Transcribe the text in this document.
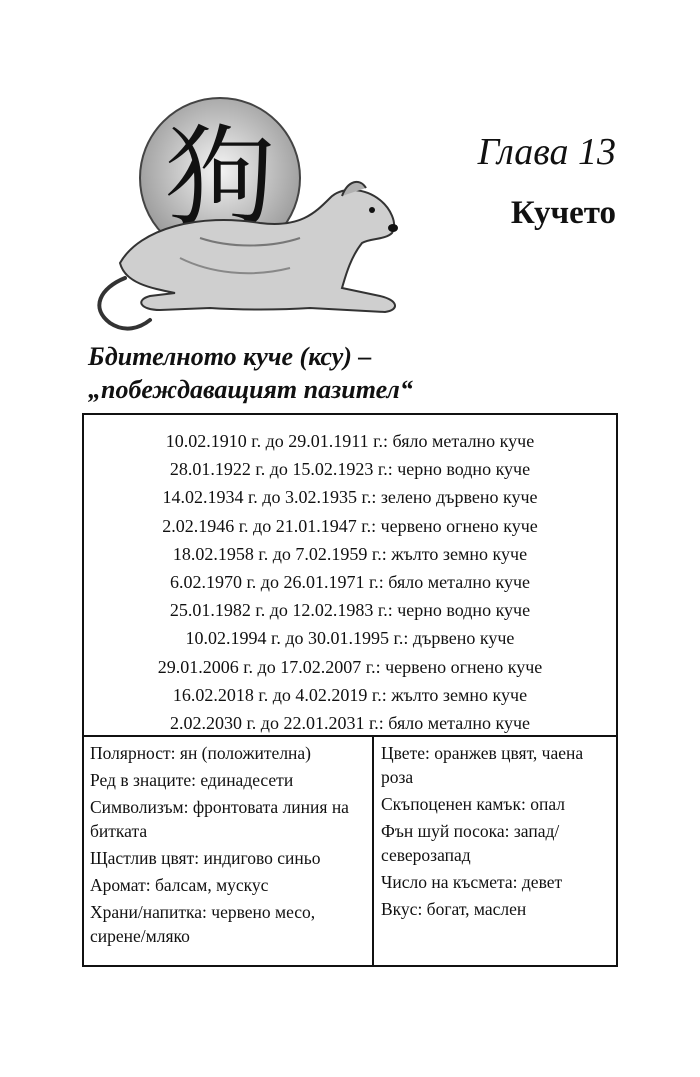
狗	Глава 13
Кучето
Бдителното куче (ксу) –
„побеждаващият пазител“
10.02.1910 г. до 29.01.1911 г.: бяло метално куче
28.01.1922 г. до 15.02.1923 г.: черно водно куче
14.02.1934 г. до 3.02.1935 г.: зелено дървено куче
2.02.1946 г. до 21.01.1947 г.: червено огнено куче
18.02.1958 г. до 7.02.1959 г.: жълто земно куче
6.02.1970 г. до 26.01.1971 г.: бяло метално куче
25.01.1982 г. до 12.02.1983 г.: черно водно куче
10.02.1994 г. до 30.01.1995 г.: дървено куче
29.01.2006 г. до 17.02.2007 г.: червено огнено куче
16.02.2018 г. до 4.02.2019 г.: жълто земно куче
2.02.2030 г. до 22.01.2031 г.: бяло метално куче
Полярност: ян (положителна)
Ред в знаците: единадесети
Символизъм: фронтовата линия на битката
Щастлив цвят: индигово синьо
Аромат: балсам, мускус
Храни/напитка: червено месо, сирене/мляко
Цветe: оранжев цвят, чаена роза
Скъпоценен камък: опал
Фън шуй посока: запад/ северозапад
Число на късмета: девет
Вкус: богат, маслен
